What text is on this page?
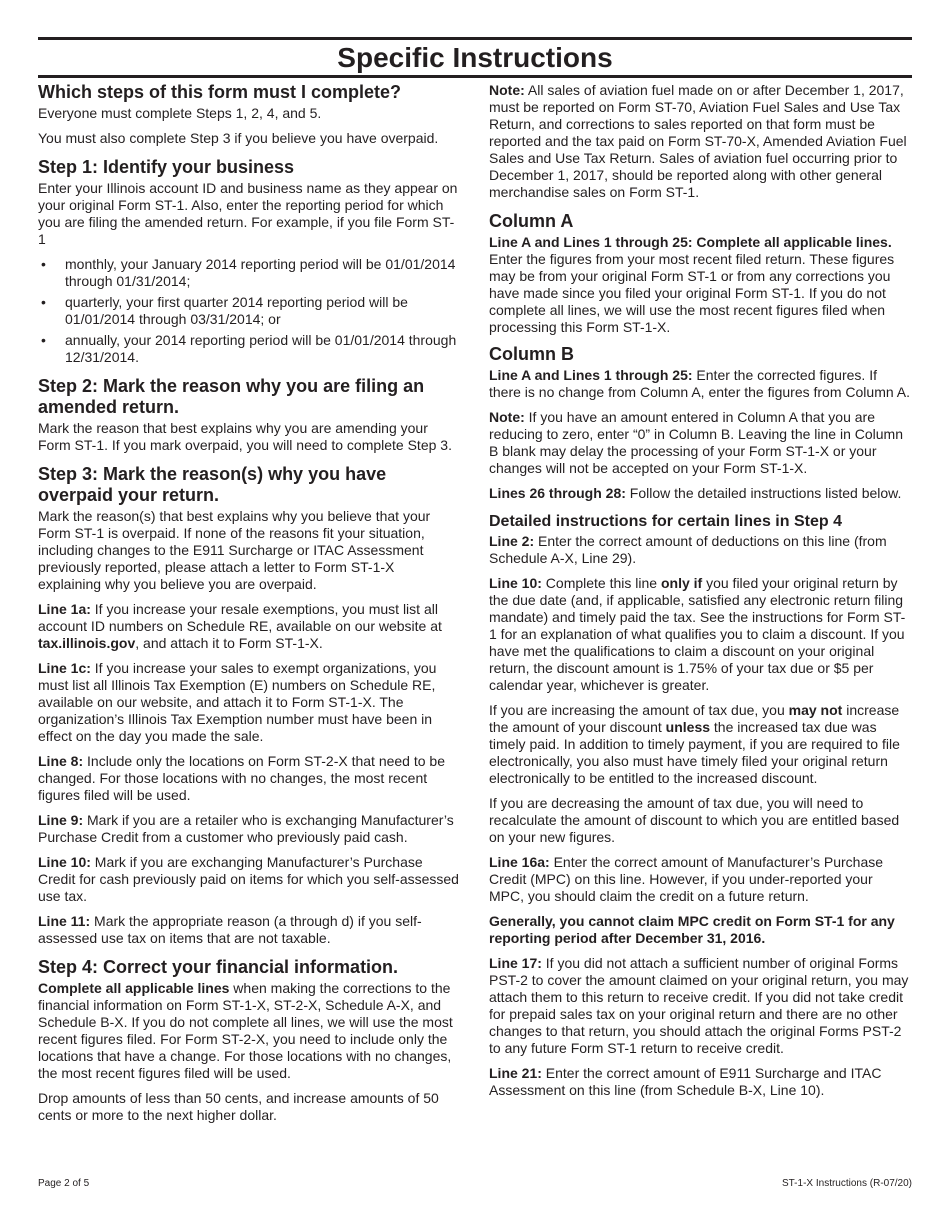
Specific Instructions
Which steps of this form must I complete?

Everyone must complete Steps 1, 2, 4, and 5.

You must also complete Step 3 if you believe you have overpaid.

Step 1: Identify your business

Enter your Illinois account ID and business name as they appear on your original Form ST-1. Also, enter the reporting period for which you are filing the amended return. For example, if you file Form ST-1

• monthly, your January 2014 reporting period will be 01/01/2014 through 01/31/2014;
• quarterly, your first quarter 2014 reporting period will be 01/01/2014 through 03/31/2014; or
• annually, your 2014 reporting period will be 01/01/2014 through 12/31/2014.
Step 2: Mark the reason why you are filing an amended return.

Mark the reason that best explains why you are amending your Form ST-1. If you mark overpaid, you will need to complete Step 3.

Step 3: Mark the reason(s) why you have overpaid your return.

Mark the reason(s) that best explains why you believe that your Form ST-1 is overpaid. If none of the reasons fit your situation, including changes to the E911 Surcharge or ITAC Assessment previously reported, please attach a letter to Form ST-1-X explaining why you believe you are overpaid.

Line 1a: If you increase your resale exemptions, you must list all account ID numbers on Schedule RE, available on our website at tax.illinois.gov, and attach it to Form ST-1-X.

Line 1c: If you increase your sales to exempt organizations, you must list all Illinois Tax Exemption (E) numbers on Schedule RE, available on our website, and attach it to Form ST-1-X. The organization’s Illinois Tax Exemption number must have been in effect on the day you made the sale.

Line 8: Include only the locations on Form ST-2-X that need to be changed. For those locations with no changes, the most recent figures filed will be used.

Line 9: Mark if you are a retailer who is exchanging Manufacturer’s Purchase Credit from a customer who previously paid cash.

Line 10: Mark if you are exchanging Manufacturer’s Purchase Credit for cash previously paid on items for which you self-assessed use tax.

Line 11: Mark the appropriate reason (a through d) if you self-assessed use tax on items that are not taxable.

Step 4: Correct your financial information.

Complete all applicable lines when making the corrections to the financial information on Form ST-1-X, ST-2-X, Schedule A-X, and Schedule B-X. If you do not complete all lines, we will use the most recent figures filed. For Form ST-2-X, you need to include only the locations that have a change. For those locations with no changes, the most recent figures filed will be used.

Drop amounts of less than 50 cents, and increase amounts of 50 cents or more to the next higher dollar.

Note: All sales of aviation fuel made on or after December 1, 2017, must be reported on Form ST-70, Aviation Fuel Sales and Use Tax Return, and corrections to sales reported on that form must be reported and the tax paid on Form ST-70-X, Amended Aviation Fuel Sales and Use Tax Return. Sales of aviation fuel occurring prior to December 1, 2017, should be reported along with other general merchandise sales on Form ST-1.

Column A

Line A and Lines 1 through 25: Complete all applicable lines. Enter the figures from your most recent filed return. These figures may be from your original Form ST-1 or from any corrections you have made since you filed your original Form ST-1. If you do not complete all lines, we will use the most recent figures filed when processing this Form ST-1-X.

Column B

Line A and Lines 1 through 25: Enter the corrected figures. If there is no change from Column A, enter the figures from Column A.

Note: If you have an amount entered in Column A that you are reducing to zero, enter “0” in Column B. Leaving the line in Column B blank may delay the processing of your Form ST-1-X or your changes will not be accepted on your Form ST-1-X.

Lines 26 through 28: Follow the detailed instructions listed below.

Detailed instructions for certain lines in Step 4

Line 2: Enter the correct amount of deductions on this line (from Schedule A-X, Line 29).

Line 10: Complete this line only if you filed your original return by the due date (and, if applicable, satisfied any electronic return filing mandate) and timely paid the tax. See the instructions for Form ST-1 for an explanation of what qualifies you to claim a discount. If you have met the qualifications to claim a discount on your original return, the discount amount is 1.75% of your tax due or $5 per calendar year, whichever is greater.

If you are increasing the amount of tax due, you may not increase the amount of your discount unless the increased tax due was timely paid. In addition to timely payment, if you are required to file electronically, you also must have timely filed your original return electronically to be entitled to the increased discount.

If you are decreasing the amount of tax due, you will need to recalculate the amount of discount to which you are entitled based on your new figures.

Line 16a: Enter the correct amount of Manufacturer’s Purchase Credit (MPC) on this line. However, if you under-reported your MPC, you should claim the credit on a future return.

Generally, you cannot claim MPC credit on Form ST-1 for any reporting period after December 31, 2016.

Line 17: If you did not attach a sufficient number of original Forms PST-2 to cover the amount claimed on your original return, you may attach them to this return to receive credit. If you did not take credit for prepaid sales tax on your original return and there are no other changes to that return, you should attach the original Forms PST-2 to any future Form ST-1 return to receive credit.

Line 21: Enter the correct amount of E911 Surcharge and ITAC Assessment on this line (from Schedule B-X, Line 10).

Page 2 of 5	ST-1-X Instructions (R-07/20)
